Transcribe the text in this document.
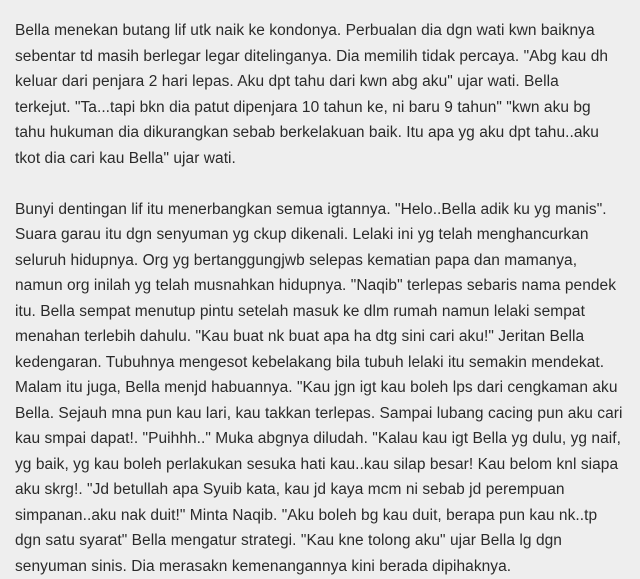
Bella menekan butang lif utk naik ke kondonya. Perbualan dia dgn wati kwn baiknya
sebentar td masih berlegar legar ditelinganya. Dia memilih tidak percaya. "Abg kau dh
keluar dari penjara 2 hari lepas. Aku dpt tahu dari kwn abg aku" ujar wati. Bella
terkejut. "Ta...tapi bkn dia patut dipenjara 10 tahun ke, ni baru 9 tahun" "kwn aku bg
tahu hukuman dia dikurangkan sebab berkelakuan baik. Itu apa yg aku dpt tahu..aku
tkot dia cari kau Bella" ujar wati.
Bunyi dentingan lif itu menerbangkan semua igtannya. "Helo..Bella adik ku yg manis".
Suara garau itu dgn senyuman yg ckup dikenali. Lelaki ini yg telah menghancurkan
seluruh hidupnya. Org yg bertanggungjwb selepas kematian papa dan mamanya,
namun org inilah yg telah musnahkan hidupnya. "Naqib" terlepas sebaris nama pendek
itu. Bella sempat menutup pintu setelah masuk ke dlm rumah namun lelaki sempat
menahan terlebih dahulu. "Kau buat nk buat apa ha dtg sini cari aku!" Jeritan Bella
kedengaran. Tubuhnya mengesot kebelakang bila tubuh lelaki itu semakin mendekat.
Malam itu juga, Bella menjd habuannya. "Kau jgn igt kau boleh lps dari cengkaman aku
Bella. Sejauh mna pun kau lari, kau takkan terlepas. Sampai lubang cacing pun aku cari
kau smpai dapat!. "Puihhh.." Muka abgnya diludah. "Kalau kau igt Bella yg dulu, yg naif,
yg baik, yg kau boleh perlakukan sesuka hati kau..kau silap besar! Kau belom knl siapa
aku skrg!. "Jd betullah apa Syuib kata, kau jd kaya mcm ni sebab jd perempuan
simpanan..aku nak duit!" Minta Naqib. "Aku boleh bg kau duit, berapa pun kau nk..tp
dgn satu syarat" Bella mengatur strategi. "Kau kne tolong aku" ujar Bella lg dgn
senyuman sinis. Dia merasakn kemenangannya kini berada dipihaknya.
